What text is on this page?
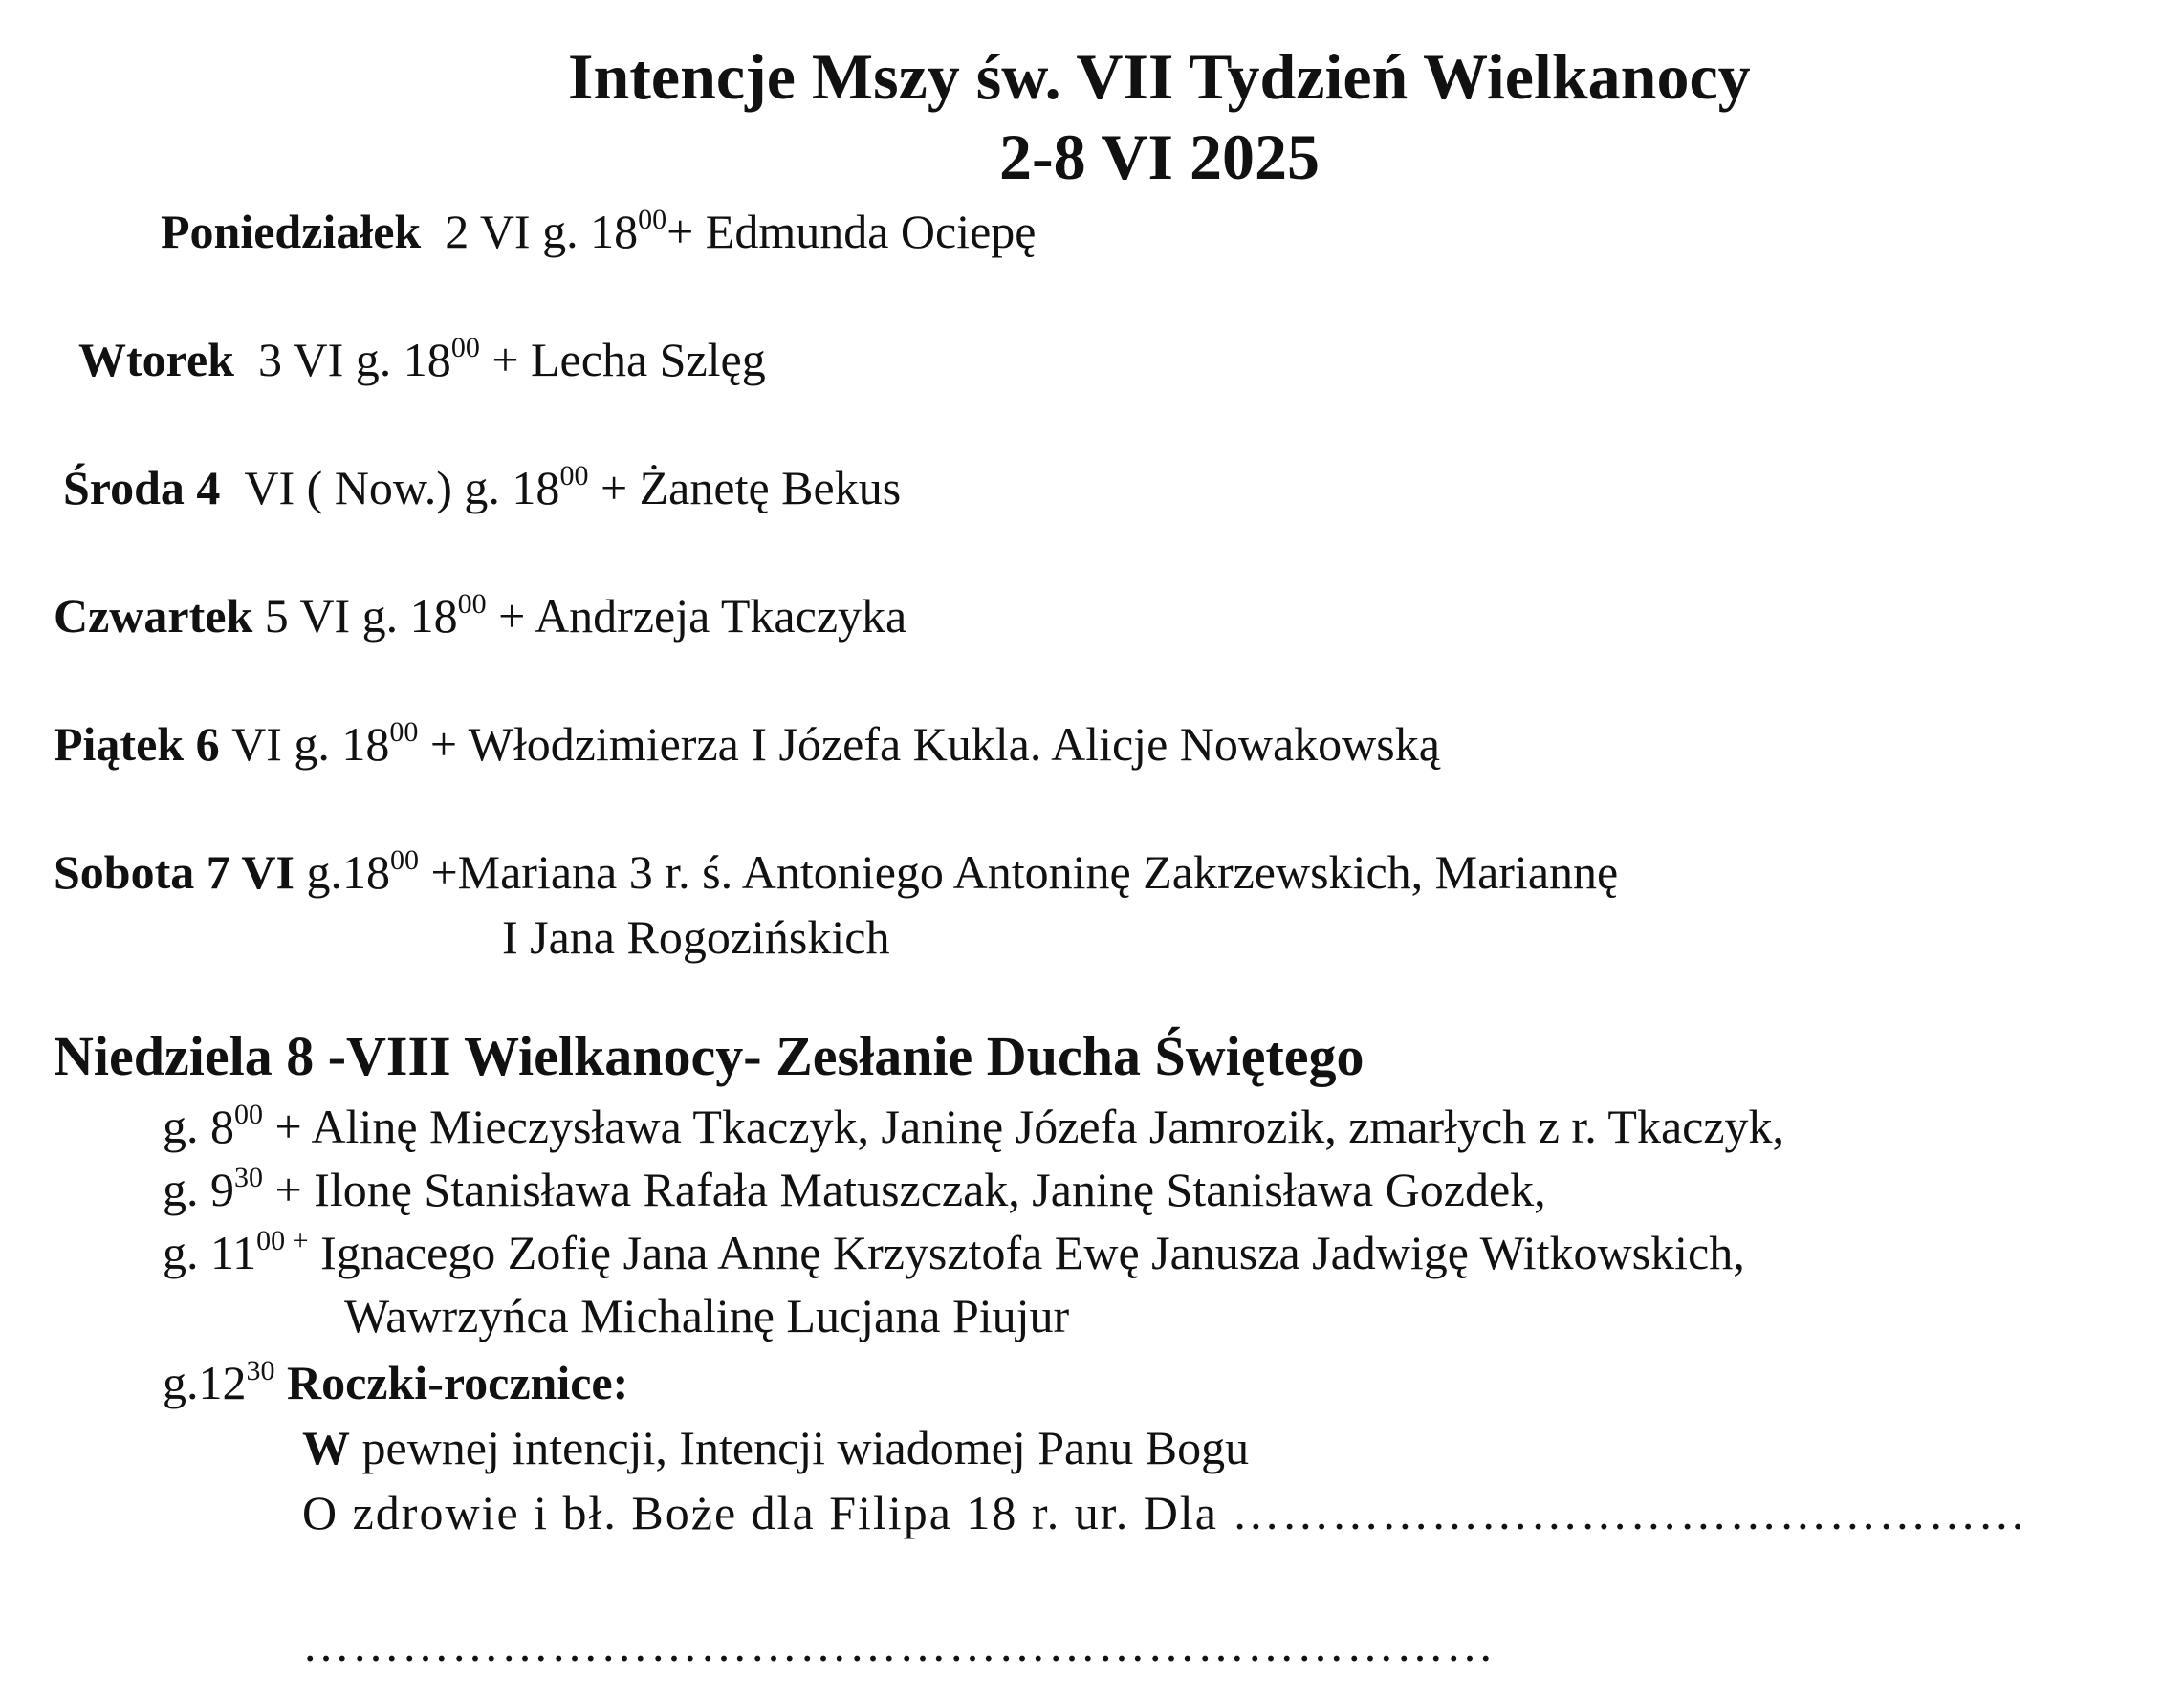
Intencje Mszy św. VII Tydzień Wielkanocy
2-8 VI 2025
Poniedziałek 2 VI g. $18^{00}+$ Edmunda Ociepę
Wtorek 3 VI g. $18^{00}$ + Lecha Szlęg
Środa 4 VI ( Now.) g. $18^{00}$ + Żanetę Bekus
Czwartek 5 VI g. $18^{00}$ + Andrzeja Tkaczyka
Piątek 6 VI g. $18^{00}$ + Włodzimierza I Józefa Kukla. Alicje Nowakowską
Sobota 7 VI $g.18^{00}$ +Mariana 3 r. ś. Antoniego Antoninę Zakrzewskich, Mariannę
I Jana Rogozińskich
Niedziela 8 -VIII Wielkanocy- Zesłanie Ducha Świętego
g. $8^{00}$ + Alinę Mieczysława Tkaczyk, Janinę Józefa Jamrozik, zmarłych z r. Tkaczyk,
g. $9^{30}$ + Ilonę Stanisława Rafała Matuszczak, Janinę Stanisława Gozdek,
g. $11^{00 +}$ Ignacego Zofię Jana Annę Krzysztofa Ewę Janusza Jadwigę Witkowskich,
Wawrzyńca Michalinę Lucjana Piujur
$g.12^{30}$ Roczki-rocznice:
W pewnej intencji, Intencji wiadomej Panu Bogu
O zdrowie i bł. Boże dla Filipa 18 r. ur. Dla …………………………………………
………………………………………………………………
